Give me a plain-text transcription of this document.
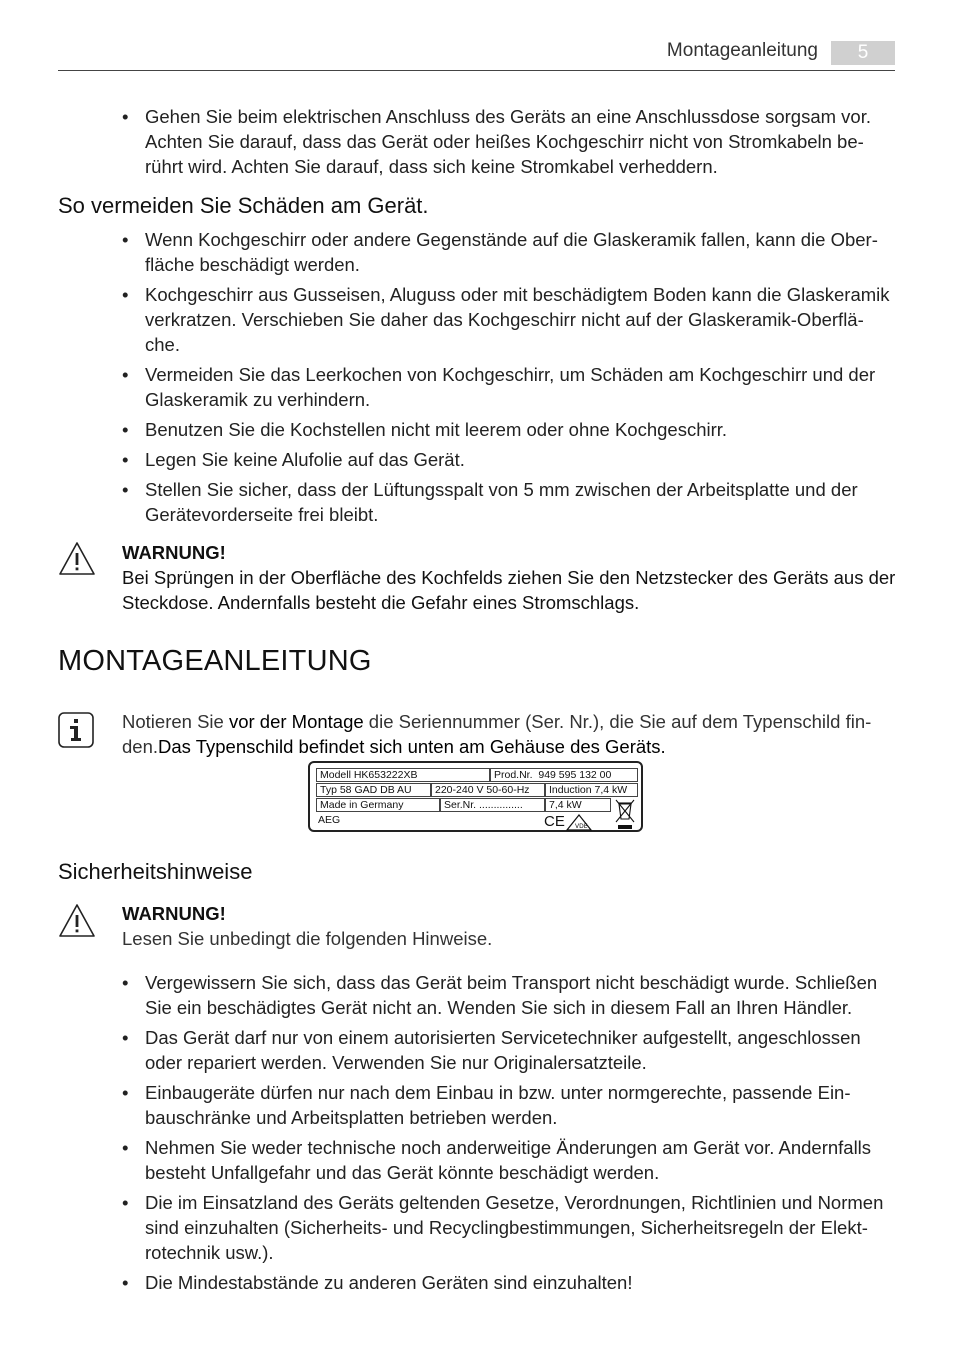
Montageanleitung	5
• Gehen Sie beim elektrischen Anschluss des Geräts an eine Anschlussdose sorgsam vor. Achten Sie darauf, dass das Gerät oder heißes Kochgeschirr nicht von Stromkabeln berührt wird. Achten Sie darauf, dass sich keine Stromkabel verheddern.
So vermeiden Sie Schäden am Gerät.
• Wenn Kochgeschirr oder andere Gegenstände auf die Glaskeramik fallen, kann die Oberfläche beschädigt werden.
• Kochgeschirr aus Gusseisen, Aluguss oder mit beschädigtem Boden kann die Glaskeramik verkratzen. Verschieben Sie daher das Kochgeschirr nicht auf der Glaskeramik-Oberfläche.
• Vermeiden Sie das Leerkochen von Kochgeschirr, um Schäden am Kochgeschirr und der Glaskeramik zu verhindern.
• Benutzen Sie die Kochstellen nicht mit leerem oder ohne Kochgeschirr.
• Legen Sie keine Alufolie auf das Gerät.
• Stellen Sie sicher, dass der Lüftungsspalt von 5 mm zwischen der Arbeitsplatte und der Gerätevorderseite frei bleibt.
WARNUNG!
Bei Sprüngen in der Oberfläche des Kochfelds ziehen Sie den Netzstecker des Geräts aus der Steckdose. Andernfalls besteht die Gefahr eines Stromschlags.
MONTAGEANLEITUNG
Notieren Sie vor der Montage die Seriennummer (Ser. Nr.), die Sie auf dem Typenschild finden.Das Typenschild befindet sich unten am Gehäuse des Geräts.
Modell HK653222XB	Prod.Nr. 949 595 132 00
Typ 58 GAD DB AU	220-240 V 50-60-Hz	Induction 7,4 kW
Made in Germany	Ser.Nr. ...............	7,4 kW
AEG	CE VDE
Sicherheitshinweise
WARNUNG!
Lesen Sie unbedingt die folgenden Hinweise.
• Vergewissern Sie sich, dass das Gerät beim Transport nicht beschädigt wurde. Schließen Sie ein beschädigtes Gerät nicht an. Wenden Sie sich in diesem Fall an Ihren Händler.
• Das Gerät darf nur von einem autorisierten Servicetechniker aufgestellt, angeschlossen oder repariert werden. Verwenden Sie nur Originalersatzteile.
• Einbaugeräte dürfen nur nach dem Einbau in bzw. unter normgerechte, passende Einbauschränke und Arbeitsplatten betrieben werden.
• Nehmen Sie weder technische noch anderweitige Änderungen am Gerät vor. Andernfalls besteht Unfallgefahr und das Gerät könnte beschädigt werden.
• Die im Einsatzland des Geräts geltenden Gesetze, Verordnungen, Richtlinien und Normen sind einzuhalten (Sicherheits- und Recyclingbestimmungen, Sicherheitsregeln der Elektrotechnik usw.).
• Die Mindestabstände zu anderen Geräten sind einzuhalten!
